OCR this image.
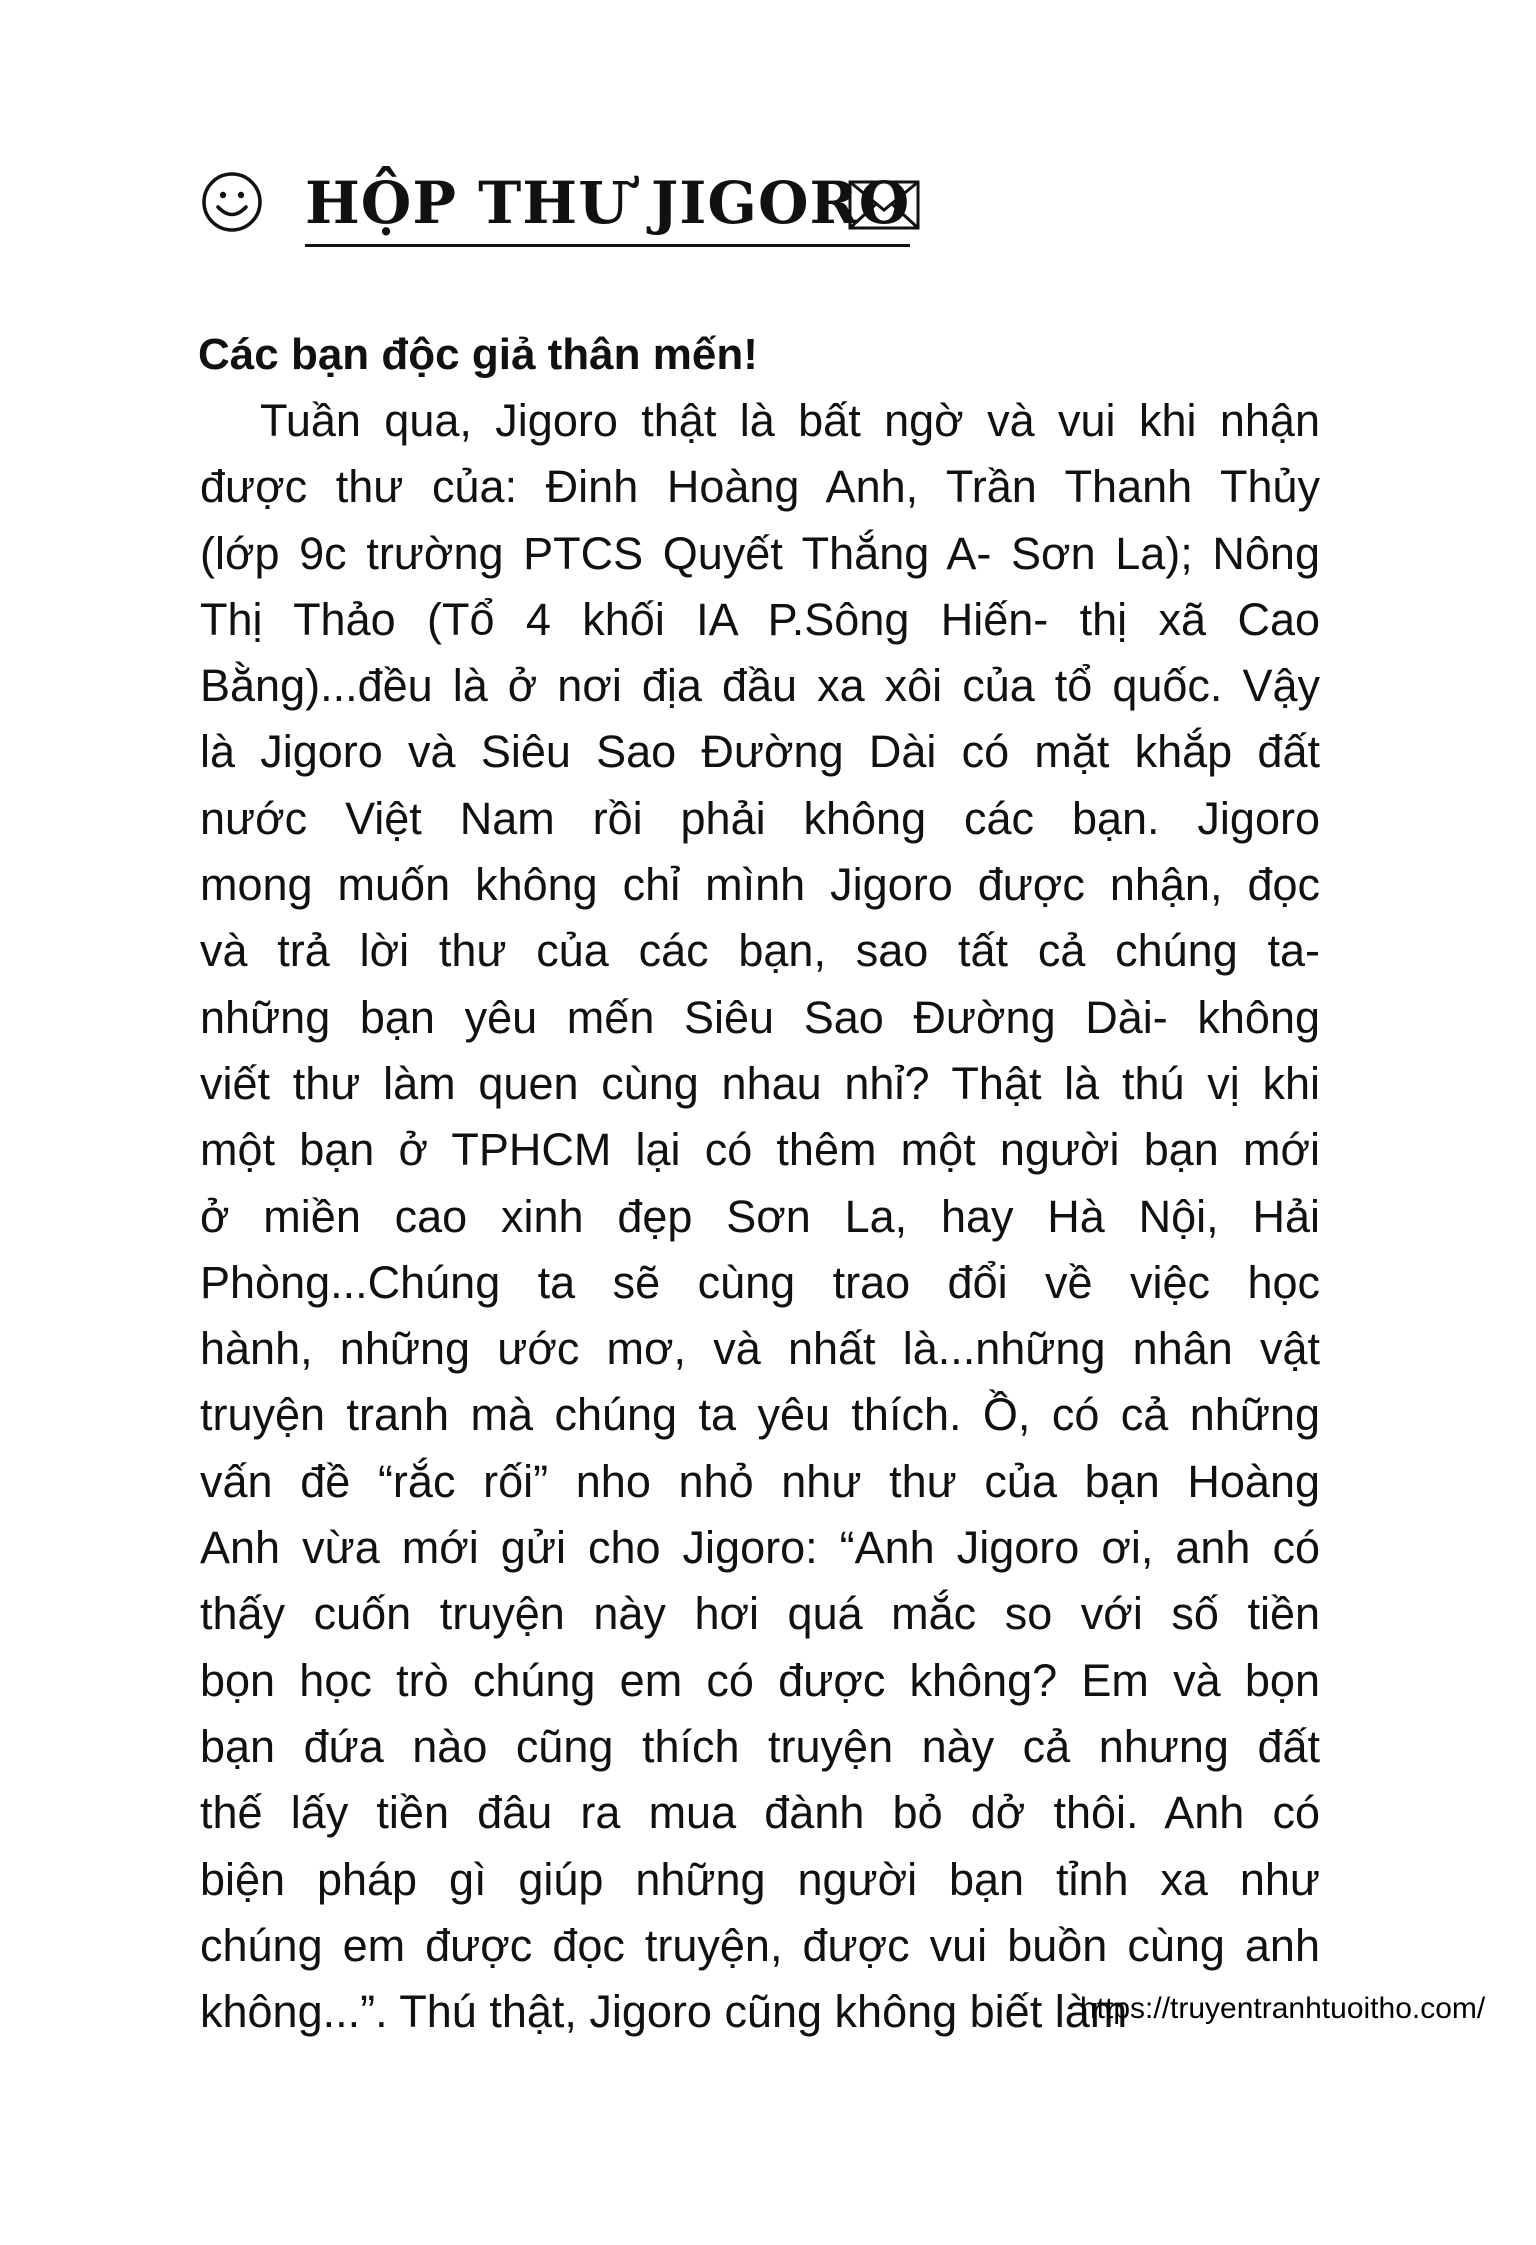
HỘP THƯ JIGORO
Các bạn độc giả thân mến!
Tuần qua, Jigoro thật là bất ngờ và vui khi nhận
được thư của: Đinh Hoàng Anh, Trần Thanh Thủy
(lớp 9c trường PTCS Quyết Thắng A- Sơn La); Nông
Thị Thảo (Tổ 4 khối IA P.Sông Hiến- thị xã Cao
Bằng)...đều là ở nơi địa đầu xa xôi của tổ quốc. Vậy
là Jigoro và Siêu Sao Đường Dài có mặt khắp đất
nước Việt Nam rồi phải không các bạn. Jigoro
mong muốn không chỉ mình Jigoro được nhận, đọc
và trả lời thư của các bạn, sao tất cả chúng ta-
những bạn yêu mến Siêu Sao Đường Dài- không
viết thư làm quen cùng nhau nhỉ? Thật là thú vị khi
một bạn ở TPHCM lại có thêm một người bạn mới
ở miền cao xinh đẹp Sơn La, hay Hà Nội, Hải
Phòng...Chúng ta sẽ cùng trao đổi về việc học
hành, những ước mơ, và nhất là...những nhân vật
truyện tranh mà chúng ta yêu thích. Ồ, có cả những
vấn đề “rắc rối” nho nhỏ như thư của bạn Hoàng
Anh vừa mới gửi cho Jigoro: “Anh Jigoro ơi, anh có
thấy cuốn truyện này hơi quá mắc so với số tiền
bọn học trò chúng em có được không? Em và bọn
bạn đứa nào cũng thích truyện này cả nhưng đất
thế lấy tiền đâu ra mua đành bỏ dở thôi. Anh có
biện pháp gì giúp những người bạn tỉnh xa như
chúng em được đọc truyện, được vui buồn cùng anh
không...”. Thú thật, Jigoro cũng không biết làm
https://truyentranhtuoitho.com/
